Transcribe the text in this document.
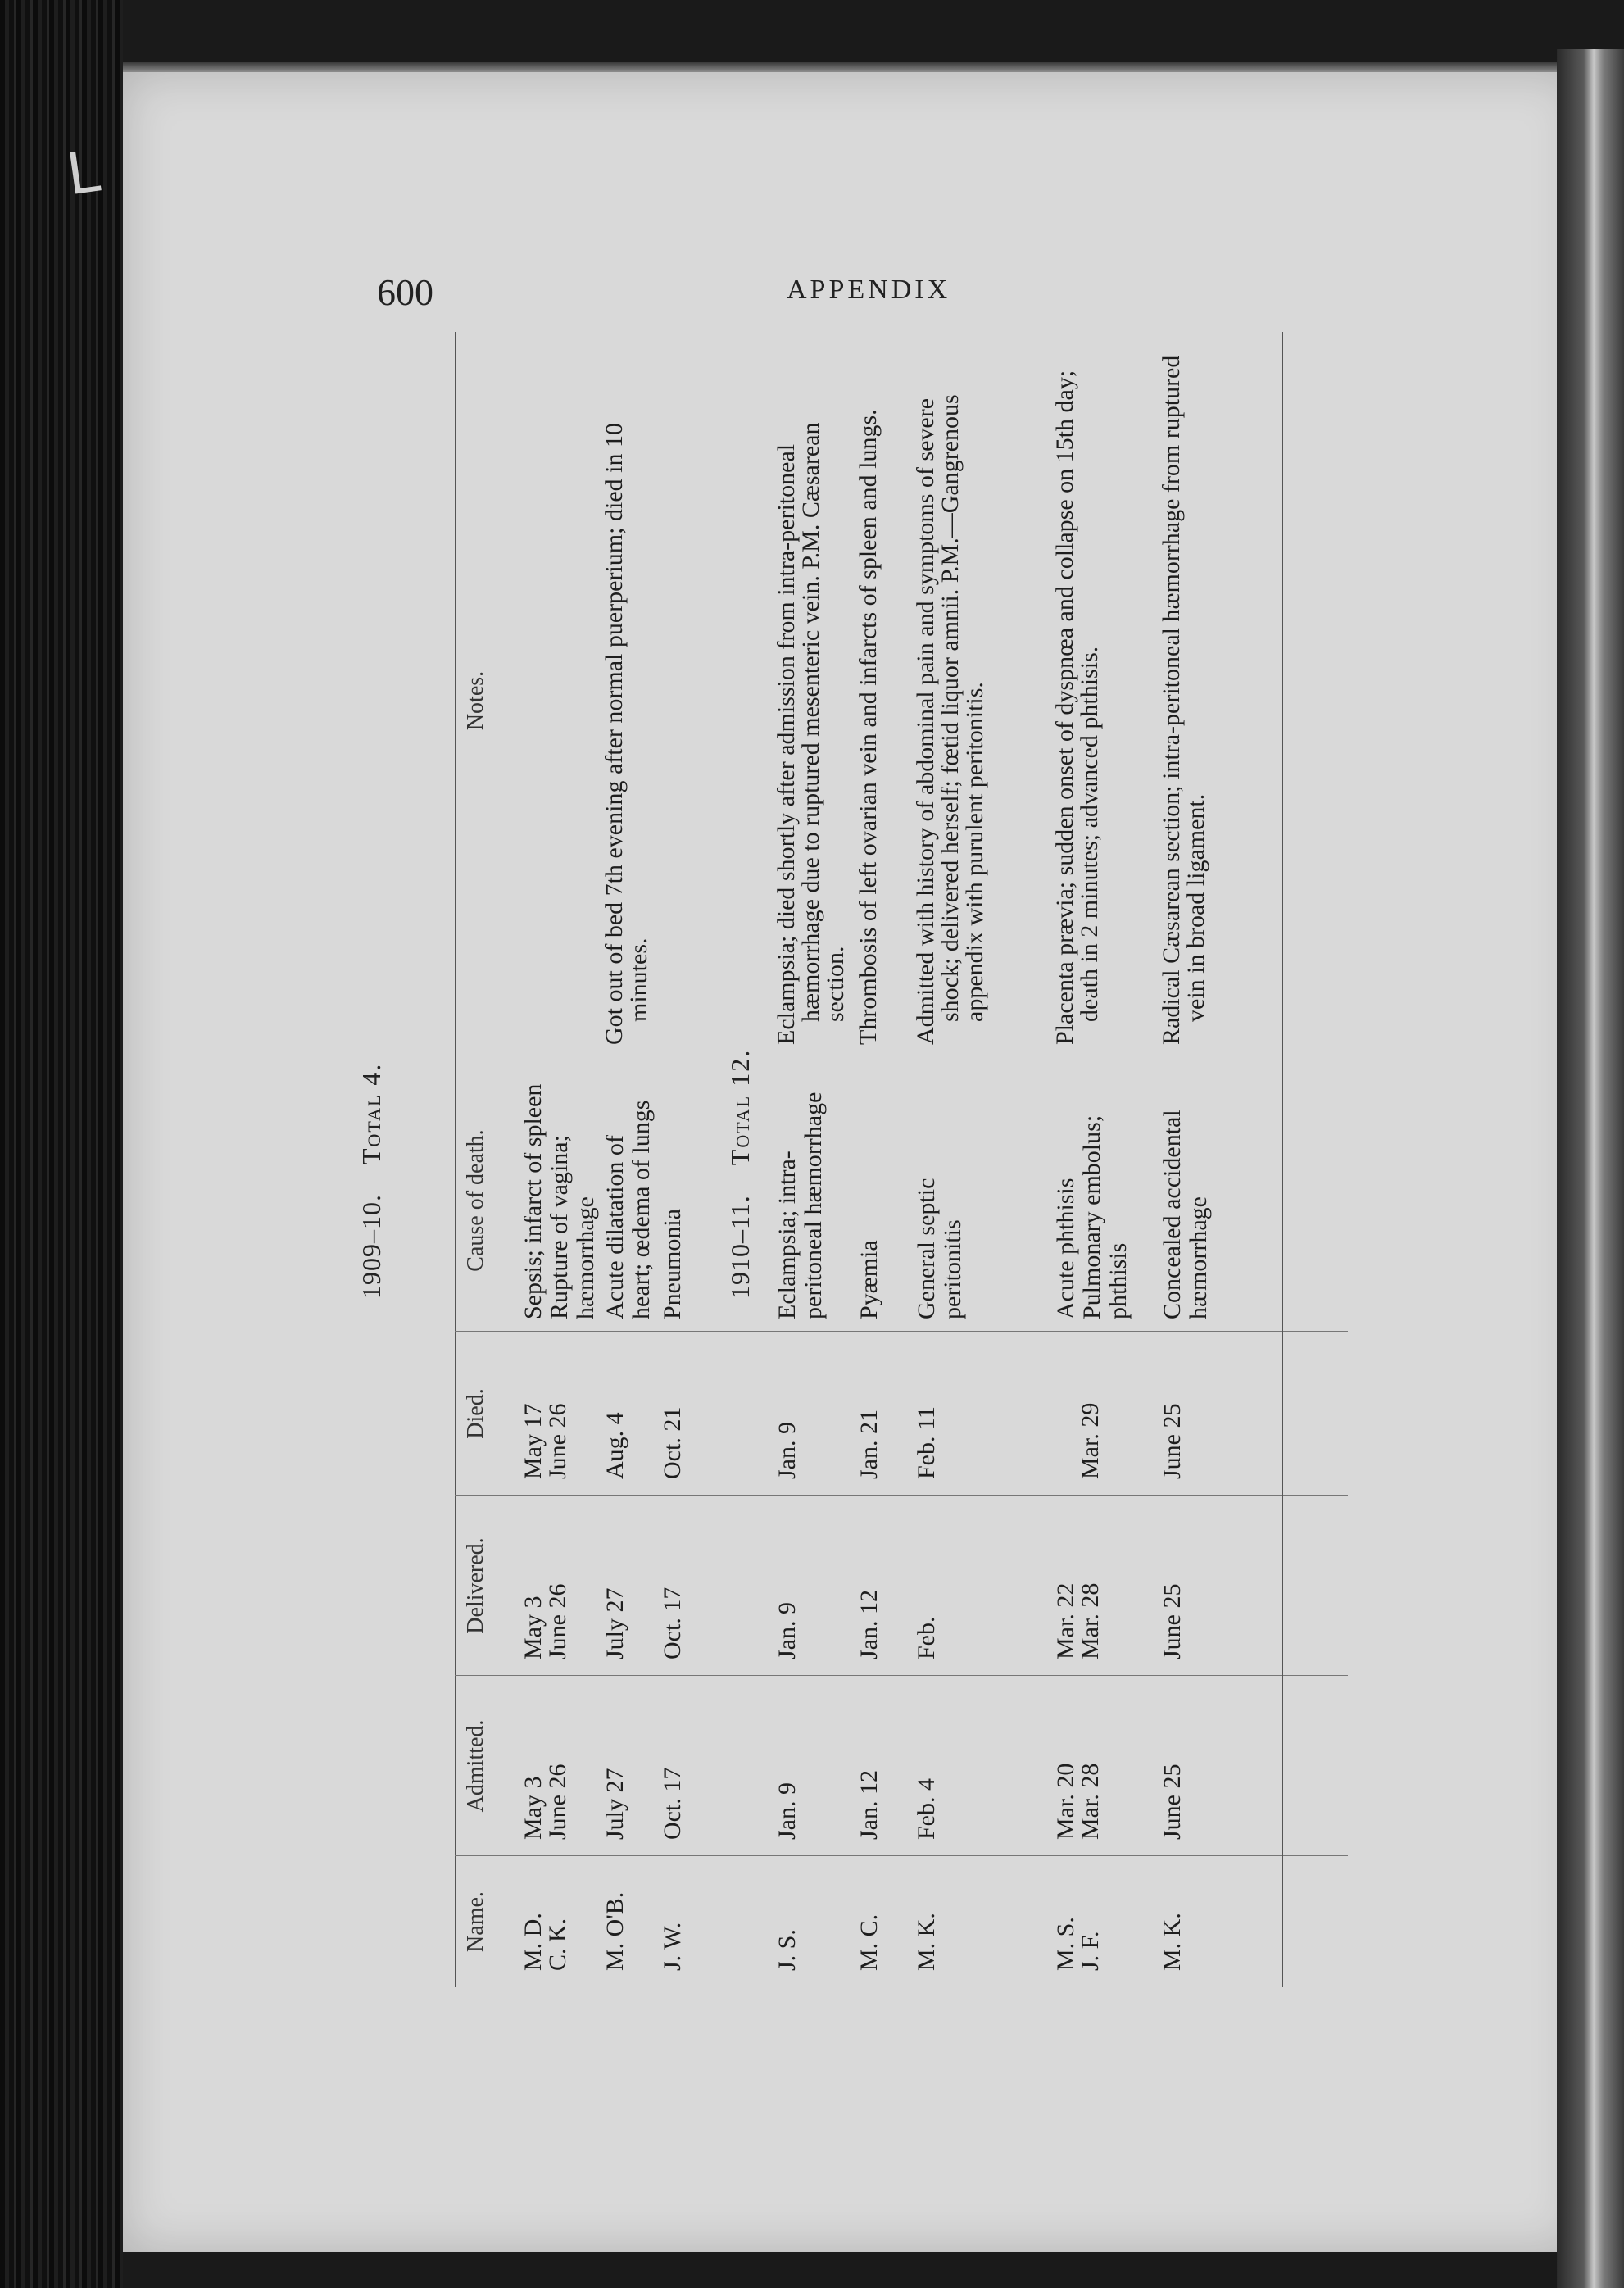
L
600	APPENDIX
Name.
Admitted.
Delivered.
Died.
Cause of death.
Notes.
1909–10.    Total 4.
M. D.
C. K.
May 3
June 26
May 3
June 26
May 17
June 26
Sepsis; infarct of spleen Rupture of vagina; hæmorrhage
M. O'B.
July 27
July 27
Aug. 4
Acute dilatation of heart; œdema of lungs

Got out of bed 7th evening after normal puerperium; died in 10 minutes.

J. W.
Oct. 17
Oct. 17
Oct. 21
Pneumonia 1910–11.    Total 12.
J. S.
Jan. 9
Jan. 9
Jan. 9
Eclampsia; intra-peritoneal hæmorrhage

Eclampsia; died shortly after admission from intra-peritoneal hæmorrhage due to ruptured mesenteric vein. P.M. Cæsarean section.

M. C.
Jan. 12
Jan. 12
Jan. 21
Pyæmia

Thrombosis of left ovarian vein and infarcts of spleen and lungs.

M. K.
Feb. 4
Feb.
Feb. 11
General septic peritonitis

Admitted with history of abdominal pain and symptoms of severe shock; delivered herself; fœtid liquor amnii. P.M.—Gangrenous appendix with purulent peritonitis.

M. S.
Mar. 20
Mar. 22
Acute phthisis
J. F.
Mar. 28
Mar. 28
Mar. 29
Pulmonary embolus; phthisis

Placenta prævia; sudden onset of dyspnœa and collapse on 15th day; death in 2 minutes; advanced phthisis.

M. K.
June 25
June 25
June 25
Concealed accidental hæmorrhage

Radical Cæsarean section; intra-peritoneal hæmorrhage from ruptured vein in broad ligament.
